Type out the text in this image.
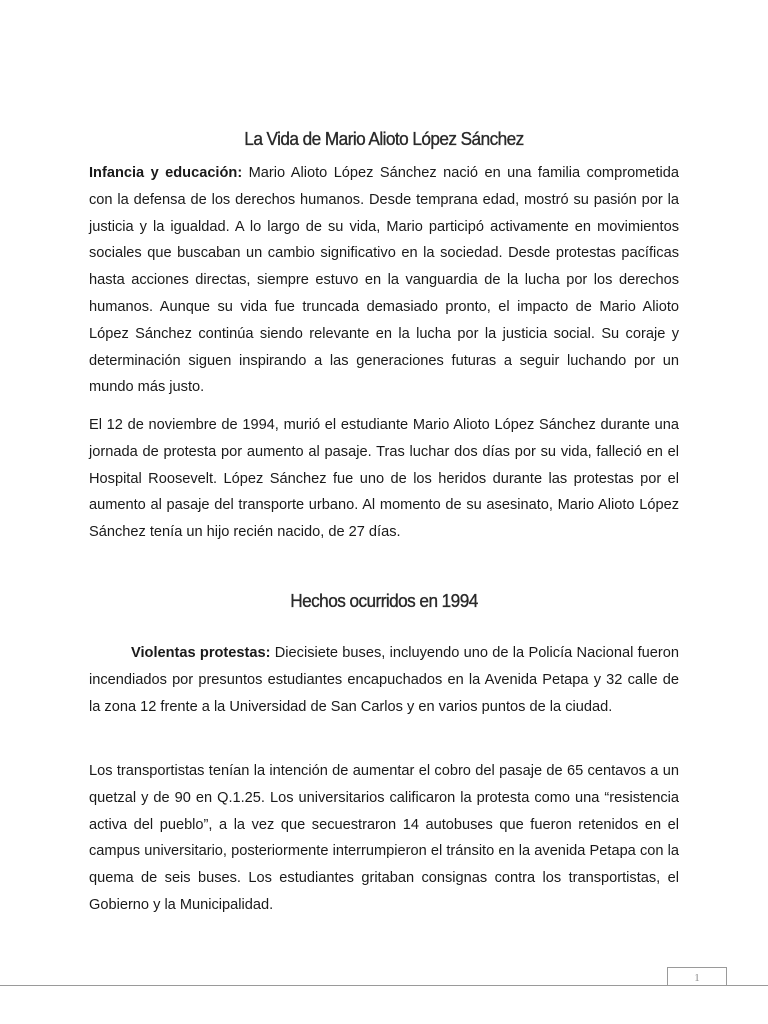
La Vida de Mario Alioto López Sánchez

Infancia y educación: Mario Alioto López Sánchez nació en una familia comprometida con la defensa de los derechos humanos. Desde temprana edad, mostró su pasión por la justicia y la igualdad. A lo largo de su vida, Mario participó activamente en movimientos sociales que buscaban un cambio significativo en la sociedad. Desde protestas pacíficas hasta acciones directas, siempre estuvo en la vanguardia de la lucha por los derechos humanos. Aunque su vida fue truncada demasiado pronto, el impacto de Mario Alioto López Sánchez continúa siendo relevante en la lucha por la justicia social. Su coraje y determinación siguen inspirando a las generaciones futuras a seguir luchando por un mundo más justo.

El 12 de noviembre de 1994, murió el estudiante Mario Alioto López Sánchez durante una jornada de protesta por aumento al pasaje. Tras luchar dos días por su vida, falleció en el Hospital Roosevelt. López Sánchez fue uno de los heridos durante las protestas por el aumento al pasaje del transporte urbano. Al momento de su asesinato, Mario Alioto López Sánchez tenía un hijo recién nacido, de 27 días.

Hechos ocurridos en 1994

Violentas protestas: Diecisiete buses, incluyendo uno de la Policía Nacional fueron incendiados por presuntos estudiantes encapuchados en la Avenida Petapa y 32 calle de la zona 12 frente a la Universidad de San Carlos y en varios puntos de la ciudad.

Los transportistas tenían la intención de aumentar el cobro del pasaje de 65 centavos a un quetzal y de 90 en Q.1.25. Los universitarios calificaron la protesta como una “resistencia activa del pueblo”, a la vez que secuestraron 14 autobuses que fueron retenidos en el campus universitario, posteriormente interrumpieron el tránsito en la avenida Petapa con la quema de seis buses. Los estudiantes gritaban consignas contra los transportistas, el Gobierno y la Municipalidad.

1
